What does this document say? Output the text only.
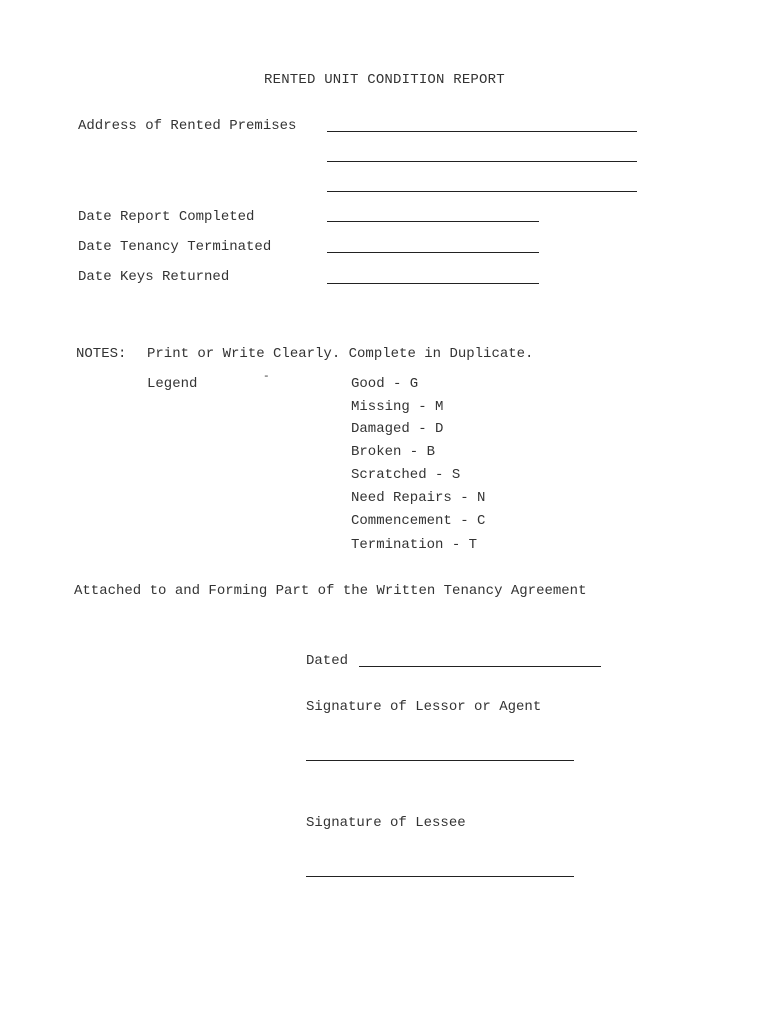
RENTED UNIT CONDITION REPORT
Address of Rented Premises
Date Report Completed
Date Tenancy Terminated
Date Keys Returned
NOTES: Print or Write Clearly. Complete in Duplicate.
Legend	-	Good - G
Missing - M
Damaged - D
Broken - B
Scratched - S
Need Repairs - N
Commencement - C
Termination - T
Attached to and Forming Part of the Written Tenancy Agreement
Dated
Signature of Lessor or Agent
Signature of Lessee
